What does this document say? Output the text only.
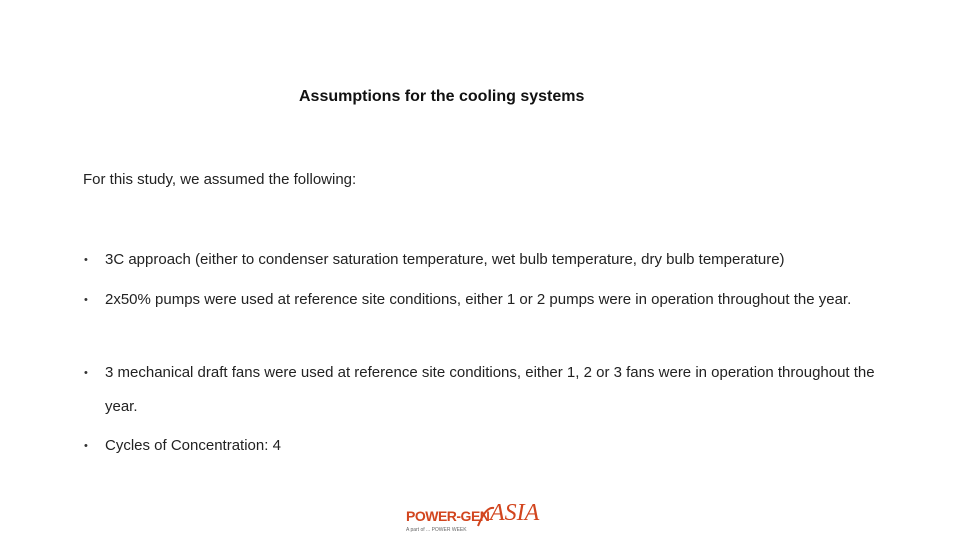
Assumptions for the cooling systems
For this study, we assumed the following:
• 3C approach (either to condenser saturation temperature, wet bulb temperature, dry bulb temperature)
• 2x50% pumps were used at reference site conditions, either 1 or 2 pumps were in operation throughout the year.
• 3 mechanical draft fans were used at reference site conditions, either 1, 2 or 3 fans were in operation throughout the year.
• Cycles of Concentration: 4
POWER-GEN ASIA
A part of ... POWER WEEK
